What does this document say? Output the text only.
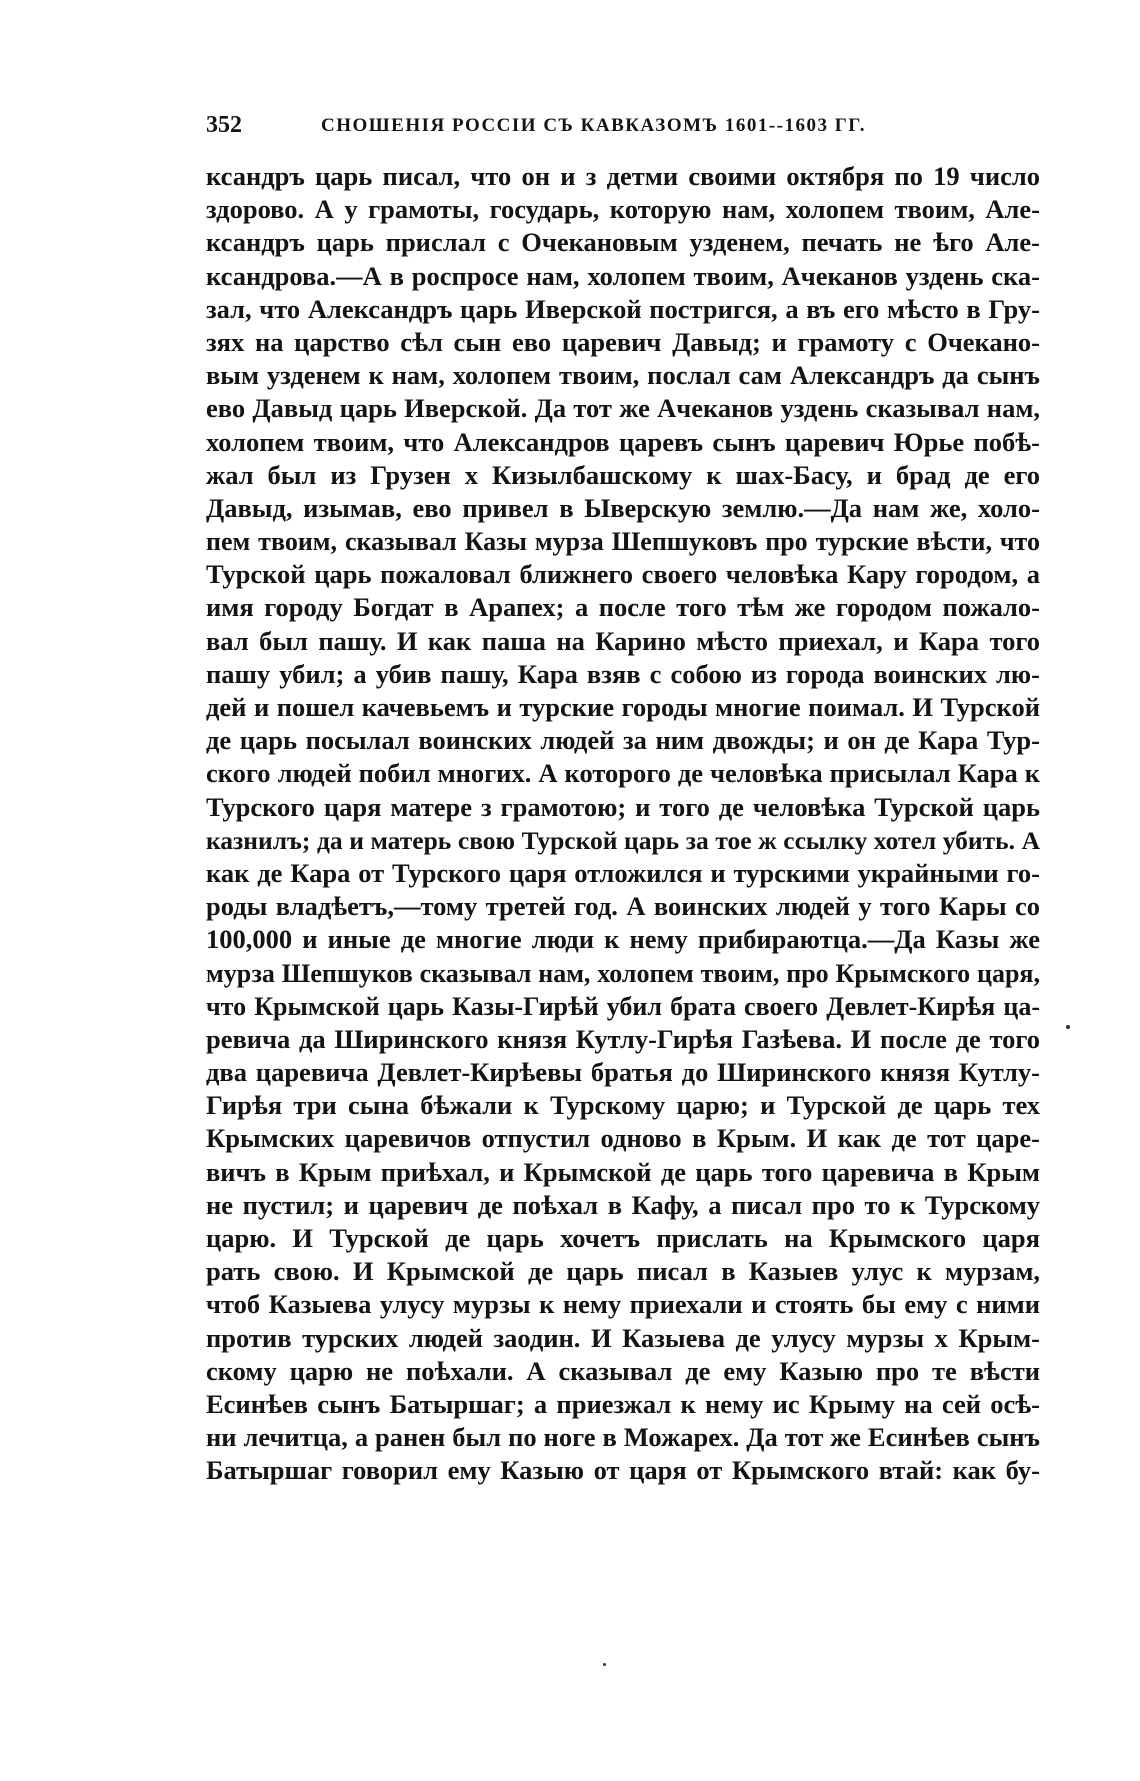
352	СНОШЕНІЯ РОССІИ СЪ КАВКАЗОМЪ 1601--1603 ГГ.
ксандръ царь писал, что он и з детми своими октября по 19 число
здорово. А у грамоты, государь, которую нам, холопем твоим, Але-
ксандръ царь прислал с Очекановым узденем, печать не ѣго Але-
ксандрова.—А в роспросе нам, холопем твоим, Ачеканов уздень ска-
зал, что Александръ царь Иверской постригся, а въ его мѣсто в Гру-
зях на царство сѣл сын ево царевич Давыд; и грамоту с Очекано-
вым узденем к нам, холопем твоим, послал сам Александръ да сынъ
ево Давыд царь Иверской. Да тот же Ачеканов уздень сказывал нам,
холопем твоим, что Александров царевъ сынъ царевич Юрье побѣ-
жал был из Грузен х Кизылбашскому к шах-Басу, и брад де его
Давыд, изымав, ево привел в Ыверскую землю.—Да нам же, холо-
пем твоим, сказывал Казы мурза Шепшуковъ про турские вѣсти, что
Турской царь пожаловал ближнего своего человѣка Кару городом, а
имя городу Богдат в Арапех; а после того тѣм же городом пожало-
вал был пашу. И как паша на Карино мѣсто приехал, и Кара того
пашу убил; а убив пашу, Кара взяв с собою из города воинских лю-
дей и пошел качевьемъ и турские городы многие поимал. И Турской
де царь посылал воинских людей за ним двожды; и он де Кара Тур-
ского людей побил многих. А которого де человѣка присылал Кара к
Турского царя матере з грамотою; и того де человѣка Турской царь
казнилъ; да и матерь свою Турской царь за тое ж ссылку хотел убить. А
как де Кара от Турского царя отложился и турскими украйными го-
роды владѣетъ,—тому третей год. А воинских людей у того Кары со
100,000 и иные де многие люди к нему прибираютца.—Да Казы же
мурза Шепшуков сказывал нам, холопем твоим, про Крымского царя,
что Крымской царь Казы-Гирѣй убил брата своего Девлет-Кирѣя ца-
ревича да Ширинского князя Кутлу-Гирѣя Газѣева. И после де того
два царевича Девлет-Кирѣевы братья до Ширинского князя Кутлу-
Гирѣя три сына бѣжали к Турскому царю; и Турской де царь тех
Крымских царевичов отпустил одново в Крым. И как де тот царе-
вичъ в Крым приѣхал, и Крымской де царь того царевича в Крым
не пустил; и царевич де поѣхал в Кафу, а писал про то к Турскому
царю. И Турской де царь хочетъ прислать на Крымского царя
рать свою. И Крымской де царь писал в Казыев улус к мурзам,
чтоб Казыева улусу мурзы к нему приехали и стоять бы ему с ними
против турских людей заодин. И Казыева де улусу мурзы х Крым-
скому царю не поѣхали. А сказывал де ему Казыю про те вѣсти
Есинѣев сынъ Батыршаг; а приезжал к нему ис Крыму на сей осѣ-
ни лечитца, а ранен был по ноге в Можарех. Да тот же Есинѣев сынъ
Батыршаг говорил ему Казыю от царя от Крымского втай: как бу-
